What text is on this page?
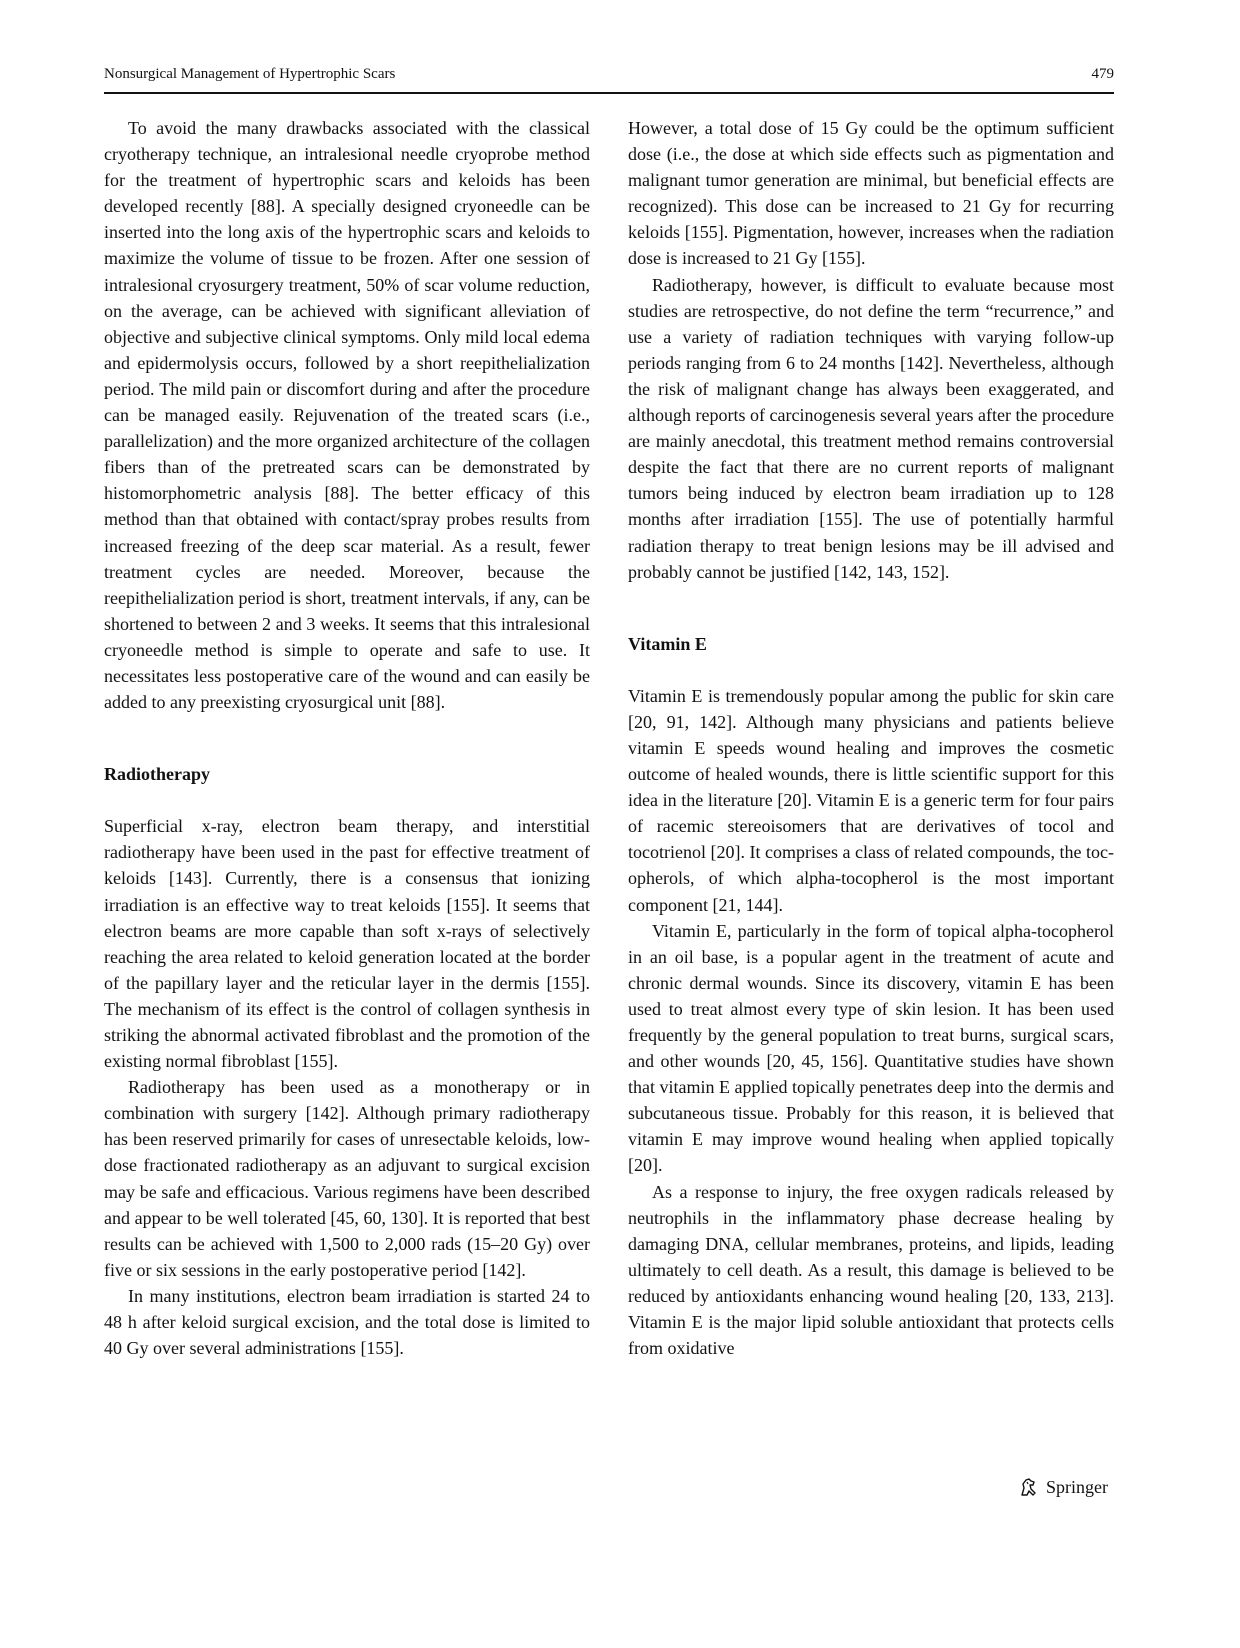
Nonsurgical Management of Hypertrophic Scars	479

To avoid the many drawbacks associated with the classical cryotherapy technique, an intralesional needle cryoprobe method for the treatment of hypertrophic scars and keloids has been developed recently [88]. A specially designed cryoneedle can be inserted into the long axis of the hypertrophic scars and keloids to maximize the volume of tissue to be frozen. After one session of intralesional cryosurgery treatment, 50% of scar volume reduction, on the average, can be achieved with significant alleviation of objective and subjective clinical symptoms. Only mild local edema and epidermolysis occurs, followed by a short reepithelialization period. The mild pain or discomfort during and after the procedure can be managed easily. Rejuvenation of the treated scars (i.e., parallelization) and the more organized architecture of the collagen fibers than of the pretreated scars can be demonstrated by histomorphometric analysis [88]. The better efficacy of this method than that obtained with contact/spray probes results from increased freezing of the deep scar material. As a result, fewer treatment cycles are needed. Moreover, because the reepithelialization period is short, treatment intervals, if any, can be shortened to between 2 and 3 weeks. It seems that this intralesional cryoneedle method is simple to operate and safe to use. It necessitates less postoperative care of the wound and can easily be added to any preexisting cryosurgical unit [88].

Radiotherapy

Superficial x-ray, electron beam therapy, and interstitial radiotherapy have been used in the past for effective treatment of keloids [143]. Currently, there is a consensus that ionizing irradiation is an effective way to treat keloids [155]. It seems that electron beams are more capable than soft x-rays of selectively reaching the area related to keloid generation located at the border of the papillary layer and the reticular layer in the dermis [155]. The mechanism of its effect is the control of collagen synthesis in striking the abnormal activated fibroblast and the promotion of the existing normal fibroblast [155].

Radiotherapy has been used as a monotherapy or in combination with surgery [142]. Although primary radiotherapy has been reserved primarily for cases of unresectable keloids, low-dose fractionated radiotherapy as an adjuvant to surgical excision may be safe and efficacious. Various regimens have been described and appear to be well tolerated [45, 60, 130]. It is reported that best results can be achieved with 1,500 to 2,000 rads (15–20 Gy) over five or six sessions in the early postoperative period [142].

In many institutions, electron beam irradiation is started 24 to 48 h after keloid surgical excision, and the total dose is limited to 40 Gy over several administrations [155].

However, a total dose of 15 Gy could be the optimum sufficient dose (i.e., the dose at which side effects such as pigmentation and malignant tumor generation are minimal, but beneficial effects are recognized). This dose can be increased to 21 Gy for recurring keloids [155]. Pigmentation, however, increases when the radiation dose is increased to 21 Gy [155].

Radiotherapy, however, is difficult to evaluate because most studies are retrospective, do not define the term “recurrence,” and use a variety of radiation techniques with varying follow-up periods ranging from 6 to 24 months [142]. Nevertheless, although the risk of malignant change has always been exaggerated, and although reports of carcinogenesis several years after the procedure are mainly anecdotal, this treatment method remains controversial despite the fact that there are no current reports of malignant tumors being induced by electron beam irradiation up to 128 months after irradiation [155]. The use of potentially harmful radiation therapy to treat benign lesions may be ill advised and probably cannot be justified [142, 143, 152].

Vitamin E

Vitamin E is tremendously popular among the public for skin care [20, 91, 142]. Although many physicians and patients believe vitamin E speeds wound healing and improves the cosmetic outcome of healed wounds, there is little scientific support for this idea in the literature [20]. Vitamin E is a generic term for four pairs of racemic stereoisomers that are derivatives of tocol and tocotrienol [20]. It comprises a class of related compounds, the tocopherols, of which alpha-tocopherol is the most important component [21, 144].

Vitamin E, particularly in the form of topical alpha-tocopherol in an oil base, is a popular agent in the treatment of acute and chronic dermal wounds. Since its discovery, vitamin E has been used to treat almost every type of skin lesion. It has been used frequently by the general population to treat burns, surgical scars, and other wounds [20, 45, 156]. Quantitative studies have shown that vitamin E applied topically penetrates deep into the dermis and subcutaneous tissue. Probably for this reason, it is believed that vitamin E may improve wound healing when applied topically [20].

As a response to injury, the free oxygen radicals released by neutrophils in the inflammatory phase decrease healing by damaging DNA, cellular membranes, proteins, and lipids, leading ultimately to cell death. As a result, this damage is believed to be reduced by antioxidants enhancing wound healing [20, 133, 213]. Vitamin E is the major lipid soluble antioxidant that protects cells from oxidative

Springer
